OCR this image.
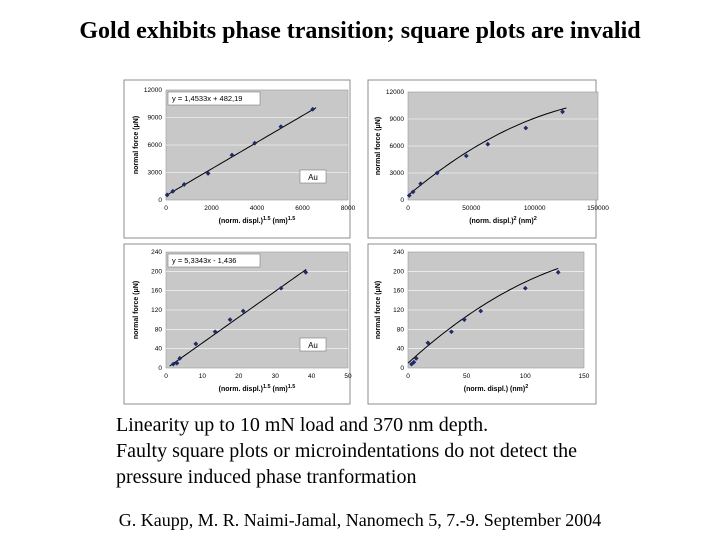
Gold exhibits phase transition; square plots are invalid
0
3000
6000
9000
12000
0	2000	4000	6000	8000
(norm. displ.)$^{1.5}$ (nm)$^{1.5}$
normal force (μN)
y = 1,4533x + 482,19
Au
0
3000
6000
9000
12000
0	50000	100000	150000
(norm. displ.)$^2$ (nm)$^2$
normal force (μN)
0
40
80
120
160
200
240
0	10	20	30	40	50
(norm. displ.)$^{1.5}$ (nm)$^{1.5}$
normal force (μN)
y = 5,3343x - 1,436
Au
0
40
80
120
160
200
240
0	50	100	150
(norm. displ.) (nm)$^2$
normal force (μN)
Linearity up to 10 mN load and 370 nm depth.
Faulty square plots or microindentations do not detect the
pressure induced phase tranformation
G. Kaupp, M. R. Naimi-Jamal, Nanomech 5, 7.-9. September 2004
